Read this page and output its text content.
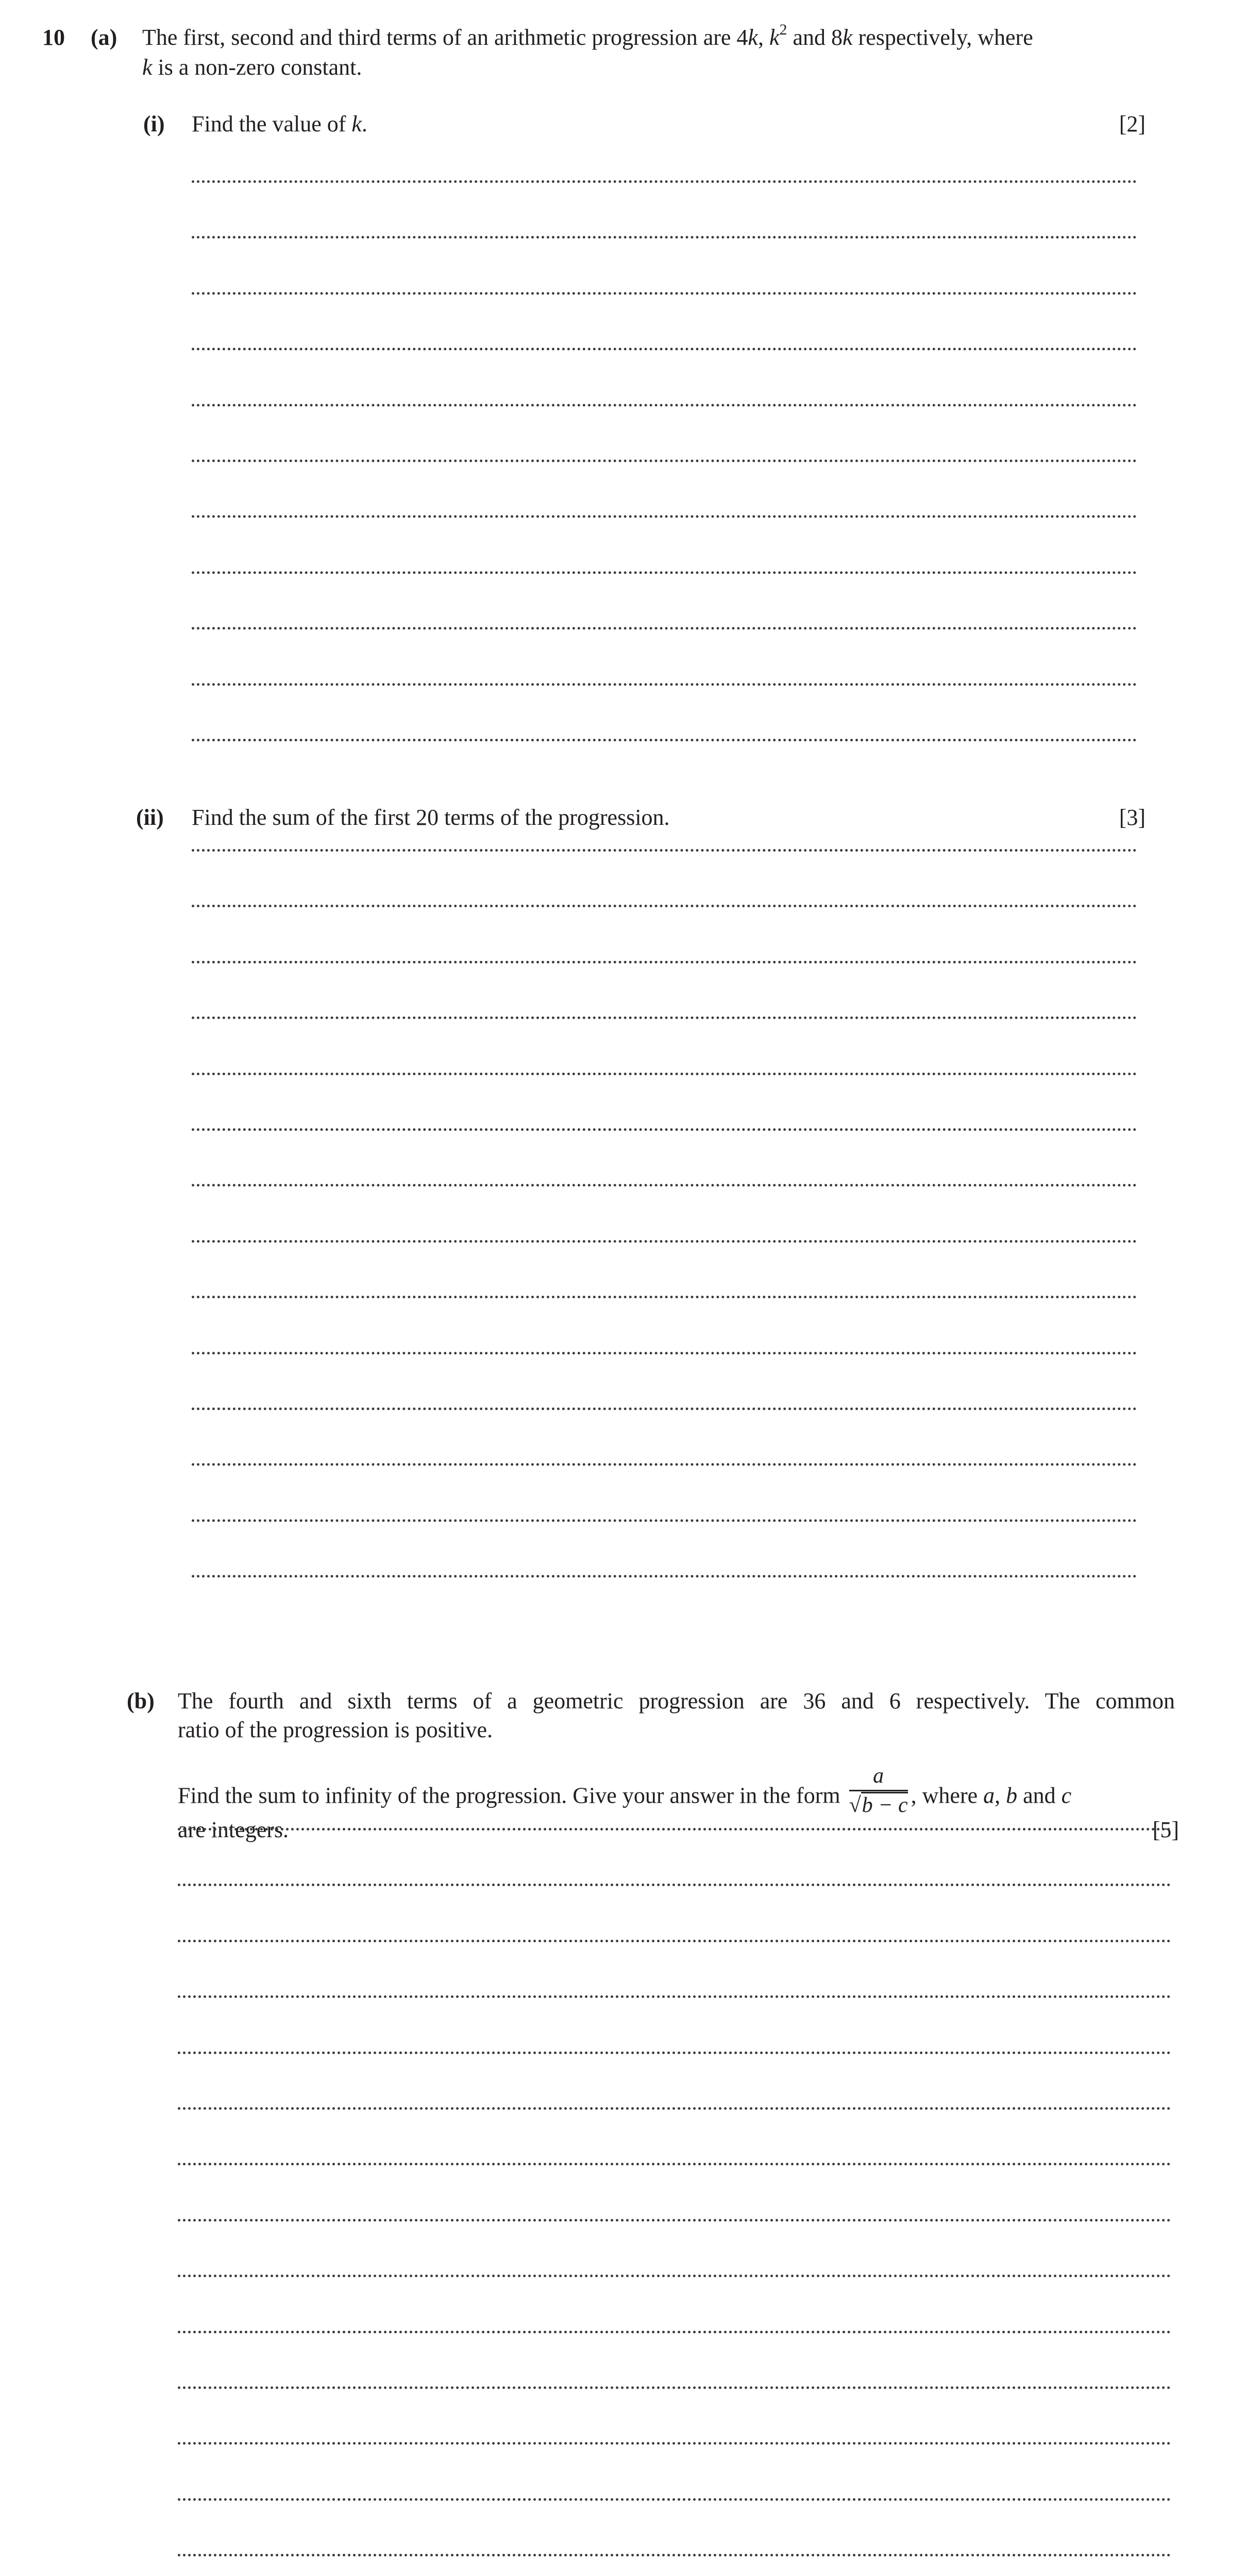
10 (a) The first, second and third terms of an arithmetic progression are 4k, $k^2$ and 8k respectively, where
k is a non-zero constant.
(i) Find the value of k.	[2]
(ii) Find the sum of the first 20 terms of the progression.	[3]
(b) The fourth and sixth terms of a geometric progression are 36 and 6 respectively. The common
ratio of the progression is positive.
Find the sum to infinity of the progression. Give your answer in the form $\frac{a}{√b - c}$ , where a, b and c
are integers.	[5]
